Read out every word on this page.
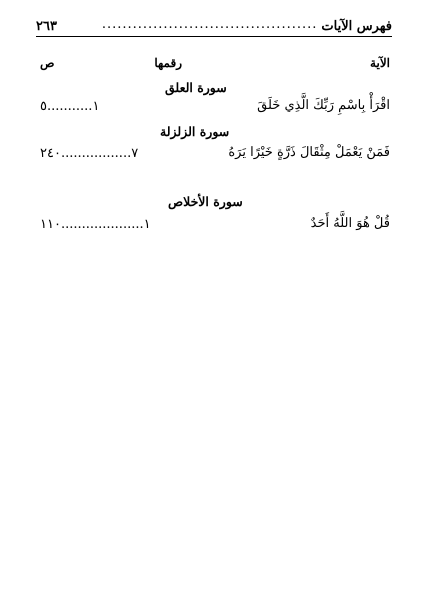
فهرس الآيات
..........................................
٢٦٣
الآية
رقمها
ص
سورة العلق
اقْرَأْ بِاسْمِ رَبِّكَ الَّذِي خَلَقَ
١...........٥
سورة الزلزلة
فَمَنْ يَعْمَلْ مِثْقَالَ ذَرَّةٍ خَيْرًا يَرَهُ
٧.................٢٤٠
سورة الأخلاص
قُلْ هُوَ اللَّهُ أَحَدٌ
١....................١١٠
